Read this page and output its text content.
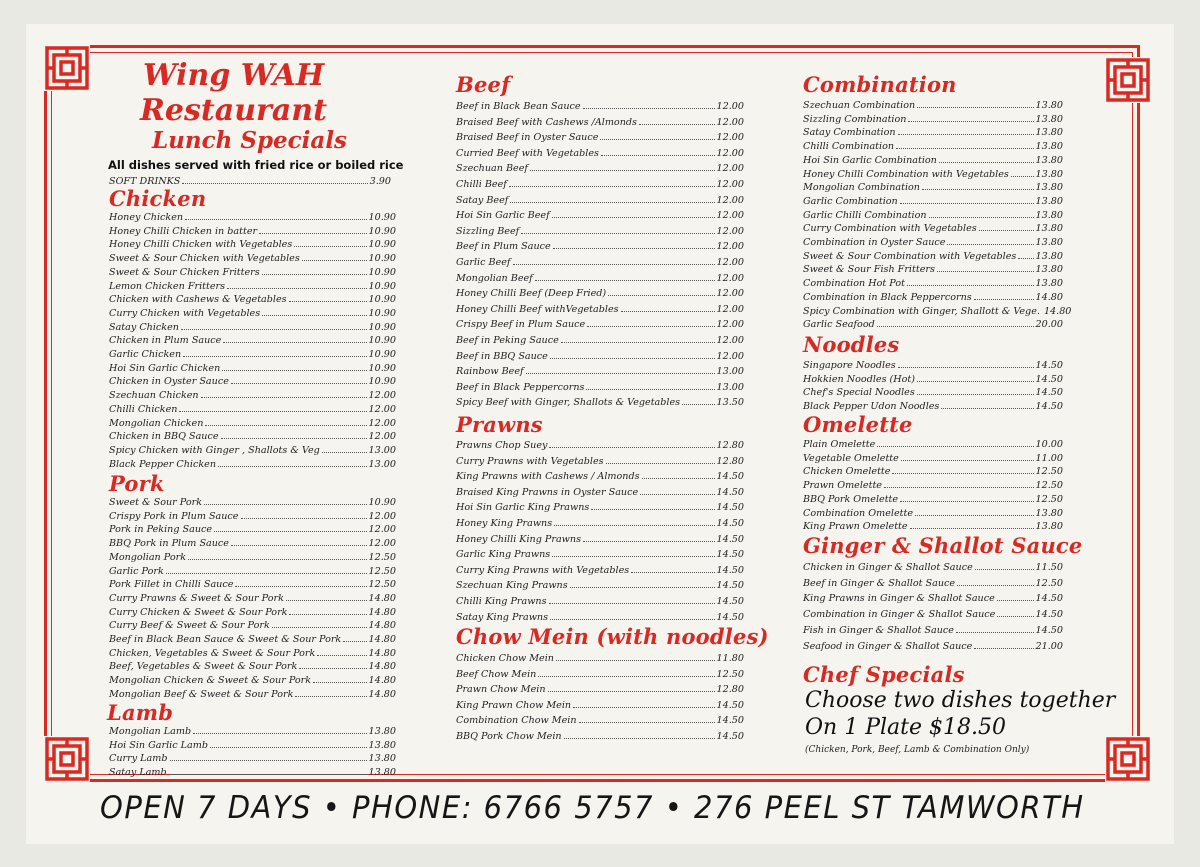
Wing WAH
Restaurant
Lunch Specials
All dishes served with fried rice or boiled rice
SOFT DRINKS	3.90
Chicken
Honey Chicken	10.90
Honey Chilli Chicken in batter	10.90
Honey Chilli Chicken with Vegetables	10.90
Sweet & Sour Chicken with Vegetables	10.90
Sweet & Sour Chicken Fritters	10.90
Lemon Chicken Fritters	10.90
Chicken with Cashews & Vegetables	10.90
Curry Chicken with Vegetables	10.90
Satay Chicken	10.90
Chicken in Plum Sauce	10.90
Garlic Chicken	10.90
Hoi Sin Garlic Chicken	10.90
Chicken in Oyster Sauce	10.90
Szechuan Chicken	12.00
Chilli Chicken	12.00
Mongolian Chicken	12.00
Chicken in BBQ Sauce	12.00
Spicy Chicken with Ginger , Shallots & Veg	13.00
Black Pepper Chicken	13.00
Pork
Sweet & Sour Pork	10.90
Crispy Pork in Plum Sauce	12.00
Pork in Peking Sauce	12.00
BBQ Pork in Plum Sauce	12.00
Mongolian Pork	12.50
Garlic Pork	12.50
Pork Fillet in Chilli Sauce	12.50
Curry Prawns & Sweet & Sour Pork	14.80
Curry Chicken & Sweet & Sour Pork	14.80
Curry Beef & Sweet & Sour Pork	14.80
Beef in Black Bean Sauce & Sweet & Sour Pork	14.80
Chicken, Vegetables & Sweet & Sour Pork	14.80
Beef, Vegetables & Sweet & Sour Pork	14.80
Mongolian Chicken & Sweet & Sour Pork	14.80
Mongolian Beef & Sweet & Sour Pork	14.80
Lamb
Mongolian Lamb	13.80
Hoi Sin Garlic Lamb	13.80
Curry Lamb	13.80
Satay Lamb	13.80
Beef
Beef in Black Bean Sauce	12.00
Braised Beef with Cashews /Almonds	12.00
Braised Beef in Oyster Sauce	12.00
Curried Beef with Vegetables	12.00
Szechuan Beef	12.00
Chilli Beef	12.00
Satay Beef	12.00
Hoi Sin Garlic Beef	12.00
Sizzling Beef	12.00
Beef in Plum Sauce	12.00
Garlic Beef	12.00
Mongolian Beef	12.00
Honey Chilli Beef (Deep Fried)	12.00
Honey Chilli Beef withVegetables	12.00
Crispy Beef in Plum Sauce	12.00
Beef in Peking Sauce	12.00
Beef in BBQ Sauce	12.00
Rainbow Beef	13.00
Beef in Black Peppercorns	13.00
Spicy Beef with Ginger, Shallots & Vegetables	13.50
Prawns
Prawns Chop Suey	12.80
Curry Prawns with Vegetables	12.80
King Prawns with Cashews / Almonds	14.50
Braised King Prawns in Oyster Sauce	14.50
Hoi Sin Garlic King Prawns	14.50
Honey King Prawns	14.50
Honey Chilli King Prawns	14.50
Garlic King Prawns	14.50
Curry King Prawns with Vegetables	14.50
Szechuan King Prawns	14.50
Chilli King Prawns	14.50
Satay King Prawns	14.50
Chow Mein (with noodles)
Chicken Chow Mein	11.80
Beef Chow Mein	12.50
Prawn Chow Mein	12.80
King Prawn Chow Mein	14.50
Combination Chow Mein	14.50
BBQ Pork Chow Mein	14.50
Combination
Szechuan Combination	13.80
Sizzling Combination	13.80
Satay Combination	13.80
Chilli Combination	13.80
Hoi Sin Garlic Combination	13.80
Honey Chilli Combination with Vegetables	13.80
Mongolian Combination	13.80
Garlic Combination	13.80
Garlic Chilli Combination	13.80
Curry Combination with Vegetables	13.80
Combination in Oyster Sauce	13.80
Sweet & Sour Combination with Vegetables 13.80
Sweet & Sour Fish Fritters	13.80
Combination Hot Pot	13.80
Combination in Black Peppercorns	14.80
Spicy Combination with Ginger, Shallott & Vege. 14.80
Garlic Seafood	20.00
Noodles
Singapore Noodles	14.50
Hokkien Noodles (Hot)	14.50
Chef's Special Noodles	14.50
Black Pepper Udon Noodles	14.50
Omelette
Plain Omelette	10.00
Vegetable Omelette	11.00
Chicken Omelette	12.50
Prawn Omelette	12.50
BBQ Pork Omelette	12.50
Combination Omelette	13.80
King Prawn Omelette	13.80
Ginger & Shallot Sauce
Chicken in Ginger & Shallot Sauce	11.50
Beef in Ginger & Shallot Sauce	12.50
King Prawns in Ginger & Shallot Sauce	14.50
Combination in Ginger & Shallot Sauce	14.50
Fish in Ginger & Shallot Sauce	14.50
Seafood in Ginger & Shallot Sauce	21.00
Chef Specials
Choose two dishes together
On 1 Plate $18.50
(Chicken, Pork, Beef, Lamb & Combination Only)
OPEN 7 DAYS • PHONE: 6766 5757 • 276 PEEL ST TAMWORTH
